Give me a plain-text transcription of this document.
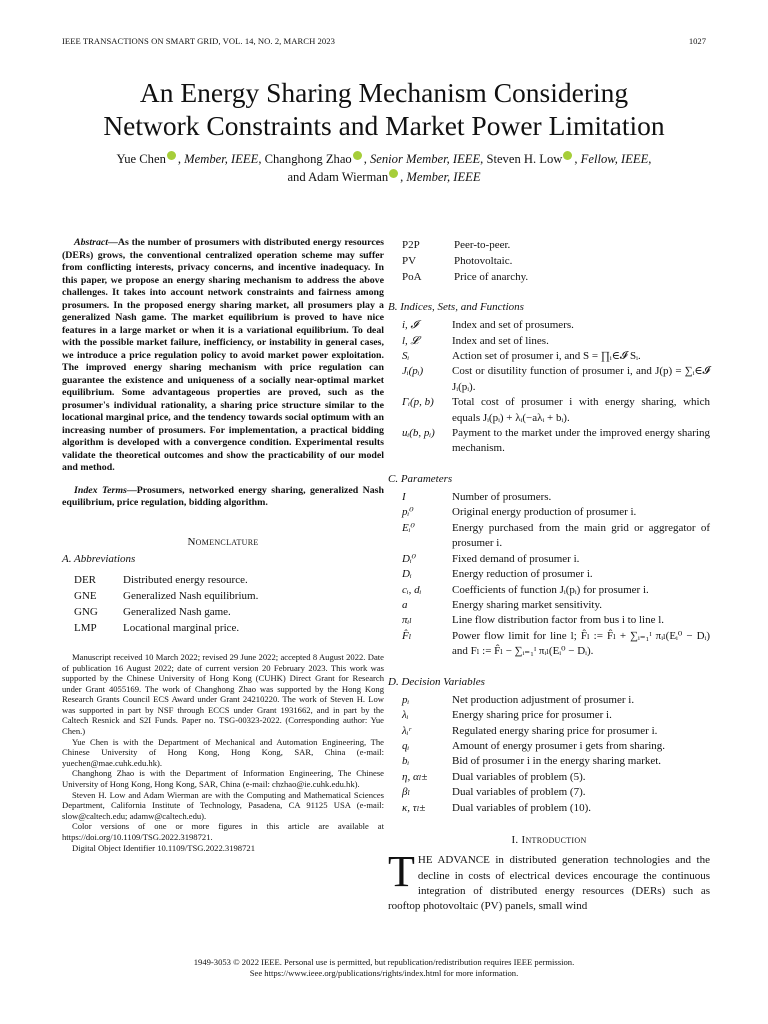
IEEE TRANSACTIONS ON SMART GRID, VOL. 14, NO. 2, MARCH 2023	1027
An Energy Sharing Mechanism Considering
Network Constraints and Market Power Limitation
Yue Chen , Member, IEEE, Changhong Zhao , Senior Member, IEEE, Steven H. Low , Fellow, IEEE,
and Adam Wierman , Member, IEEE

Abstract—As the number of prosumers with distributed energy resources (DERs) grows, the conventional centralized operation scheme may suffer from conflicting interests, privacy concerns, and incentive inadequacy. In this paper, we propose an energy sharing mechanism to address the above challenges. It takes into account network constraints and fairness among prosumers. In the proposed energy sharing market, all prosumers play a generalized Nash game. The market equilibrium is proved to have nice features in a large market or when it is a variational equilibrium. To deal with the possible market failure, inefficiency, or instability in general cases, we introduce a price regulation policy to avoid market power exploitation. The improved energy sharing mechanism with price regulation can guarantee the existence and uniqueness of a socially near-optimal market equilibrium. Some advantageous properties are proved, such as the prosumer's individual rationality, a sharing price structure similar to the locational marginal price, and the tendency towards social optimum with an increasing number of prosumers. For implementation, a practical bidding algorithm is developed with a convergence condition. Experimental results validate the theoretical outcomes and show the practicability of our model and method.

Index Terms—Prosumers, networked energy sharing, generalized Nash equilibrium, price regulation, bidding algorithm.

Nomenclature
A. Abbreviations
DER	Distributed energy resource.
GNE	Generalized Nash equilibrium.
GNG	Generalized Nash game.
LMP	Locational marginal price.

Manuscript received 10 March 2022; revised 29 June 2022; accepted 8 August 2022. Date of publication 16 August 2022; date of current version 20 February 2023. This work was supported by the Chinese University of Hong Kong (CUHK) Direct Grant for Research under Grant 4055169. The work of Changhong Zhao was supported by the Hong Kong Research Grants Council ECS Award under Grant 24210220. The work of Steven H. Low was supported in part by NSF through ECCS under Grant 1931662, and in part by the Caltech Resnick and S2I Funds. Paper no. TSG-00323-2022. (Corresponding author: Yue Chen.)

Yue Chen is with the Department of Mechanical and Automation Engineering, The Chinese University of Hong Kong, Hong Kong, SAR, China (e-mail: yuechen@mae.cuhk.edu.hk).

Changhong Zhao is with the Department of Information Engineering, The Chinese University of Hong Kong, Hong Kong, SAR, China (e-mail: chzhao@ie.cuhk.edu.hk).

Steven H. Low and Adam Wierman are with the Computing and Mathematical Sciences Department, California Institute of Technology, Pasadena, CA 91125 USA (e-mail: slow@caltech.edu; adamw@caltech.edu).

Color versions of one or more figures in this article are available at https://doi.org/10.1109/TSG.2022.3198721.

Digital Object Identifier 10.1109/TSG.2022.3198721

P2P	Peer-to-peer.
PV	Photovoltaic.
PoA	Price of anarchy.
B. Indices, Sets, and Functions
i, 𝓘	Index and set of prosumers.
l, 𝓛	Index and set of lines.
Sᵢ	Action set of prosumer i, and S = ∏ᵢ∈𝓘 Sᵢ.
Jᵢ(pᵢ)	Cost or disutility function of prosumer i, and J(p) = ∑ᵢ∈𝓘 Jᵢ(pᵢ).
Γᵢ(p, b)	Total cost of prosumer i with energy sharing, which equals Jᵢ(pᵢ) + λᵢ(−aλᵢ + bᵢ).
uᵢ(b, pᵢ)	Payment to the market under the improved energy sharing mechanism.
C. Parameters
I	Number of prosumers.
pᵢ⁰	Original energy production of prosumer i.
Eᵢ⁰	Energy purchased from the main grid or aggregator of prosumer i.
Dᵢ⁰	Fixed demand of prosumer i.
Dᵢ	Energy reduction of prosumer i.
cᵢ, dᵢ	Coefficients of function Jᵢ(pᵢ) for prosumer i.
a	Energy sharing market sensitivity.
πᵢₗ	Line flow distribution factor from bus i to line l.
F̂ₗ	Power flow limit for line l; F̂ₗ := F̂ₗ + ∑ᵢ₌₁ᴵ πᵢₗ(Eᵢ⁰ − Dᵢ) and Fₗ := F̂ₗ − ∑ᵢ₌₁ᴵ πᵢₗ(Eᵢ⁰ − Dᵢ).
D. Decision Variables
pᵢ	Net production adjustment of prosumer i.
λᵢ	Energy sharing price for prosumer i.
λᵢʳ	Regulated energy sharing price for prosumer i.
qᵢ	Amount of energy prosumer i gets from sharing.
bᵢ	Bid of prosumer i in the energy sharing market.
η, αₗ±	Dual variables of problem (5).
βₗ	Dual variables of problem (7).
κ, τₗ±	Dual variables of problem (10).
I. Introduction
THE ADVANCE in distributed generation technologies and the decline in costs of electrical devices encourage the continuous integration of distributed energy resources (DERs) such as rooftop photovoltaic (PV) panels, small wind
1949-3053 © 2022 IEEE. Personal use is permitted, but republication/redistribution requires IEEE permission.
See https://www.ieee.org/publications/rights/index.html for more information.
